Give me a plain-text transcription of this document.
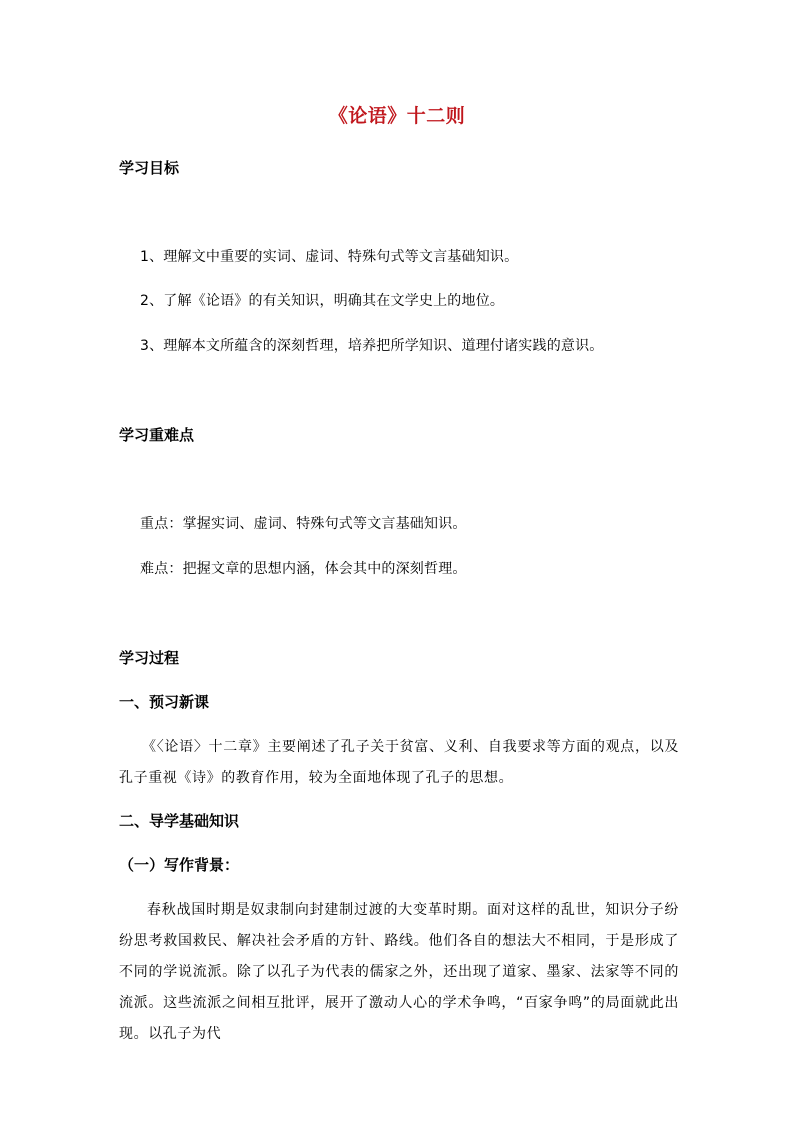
《论语》十二则
学习目标
1、理解文中重要的实词、虚词、特殊句式等文言基础知识。
2、了解《论语》的有关知识，明确其在文学史上的地位。
3、理解本文所蕴含的深刻哲理，培养把所学知识、道理付诸实践的意识。
学习重难点
重点：掌握实词、虚词、特殊句式等文言基础知识。
难点：把握文章的思想内涵，体会其中的深刻哲理。
学习过程
一、预习新课

《〈论语〉十二章》主要阐述了孔子关于贫富、义利、自我要求等方面的观点，以及孔子重视《诗》的教育作用，较为全面地体现了孔子的思想。

二、导学基础知识
（一）写作背景：

春秋战国时期是奴隶制向封建制过渡的大变革时期。面对这样的乱世，知识分子纷纷思考救国救民、解决社会矛盾的方针、路线。他们各自的想法大不相同，于是形成了不同的学说流派。除了以孔子为代表的儒家之外，还出现了道家、墨家、法家等不同的流派。这些流派之间相互批评，展开了激动人心的学术争鸣，“百家争鸣”的局面就此出现。以孔子为代
